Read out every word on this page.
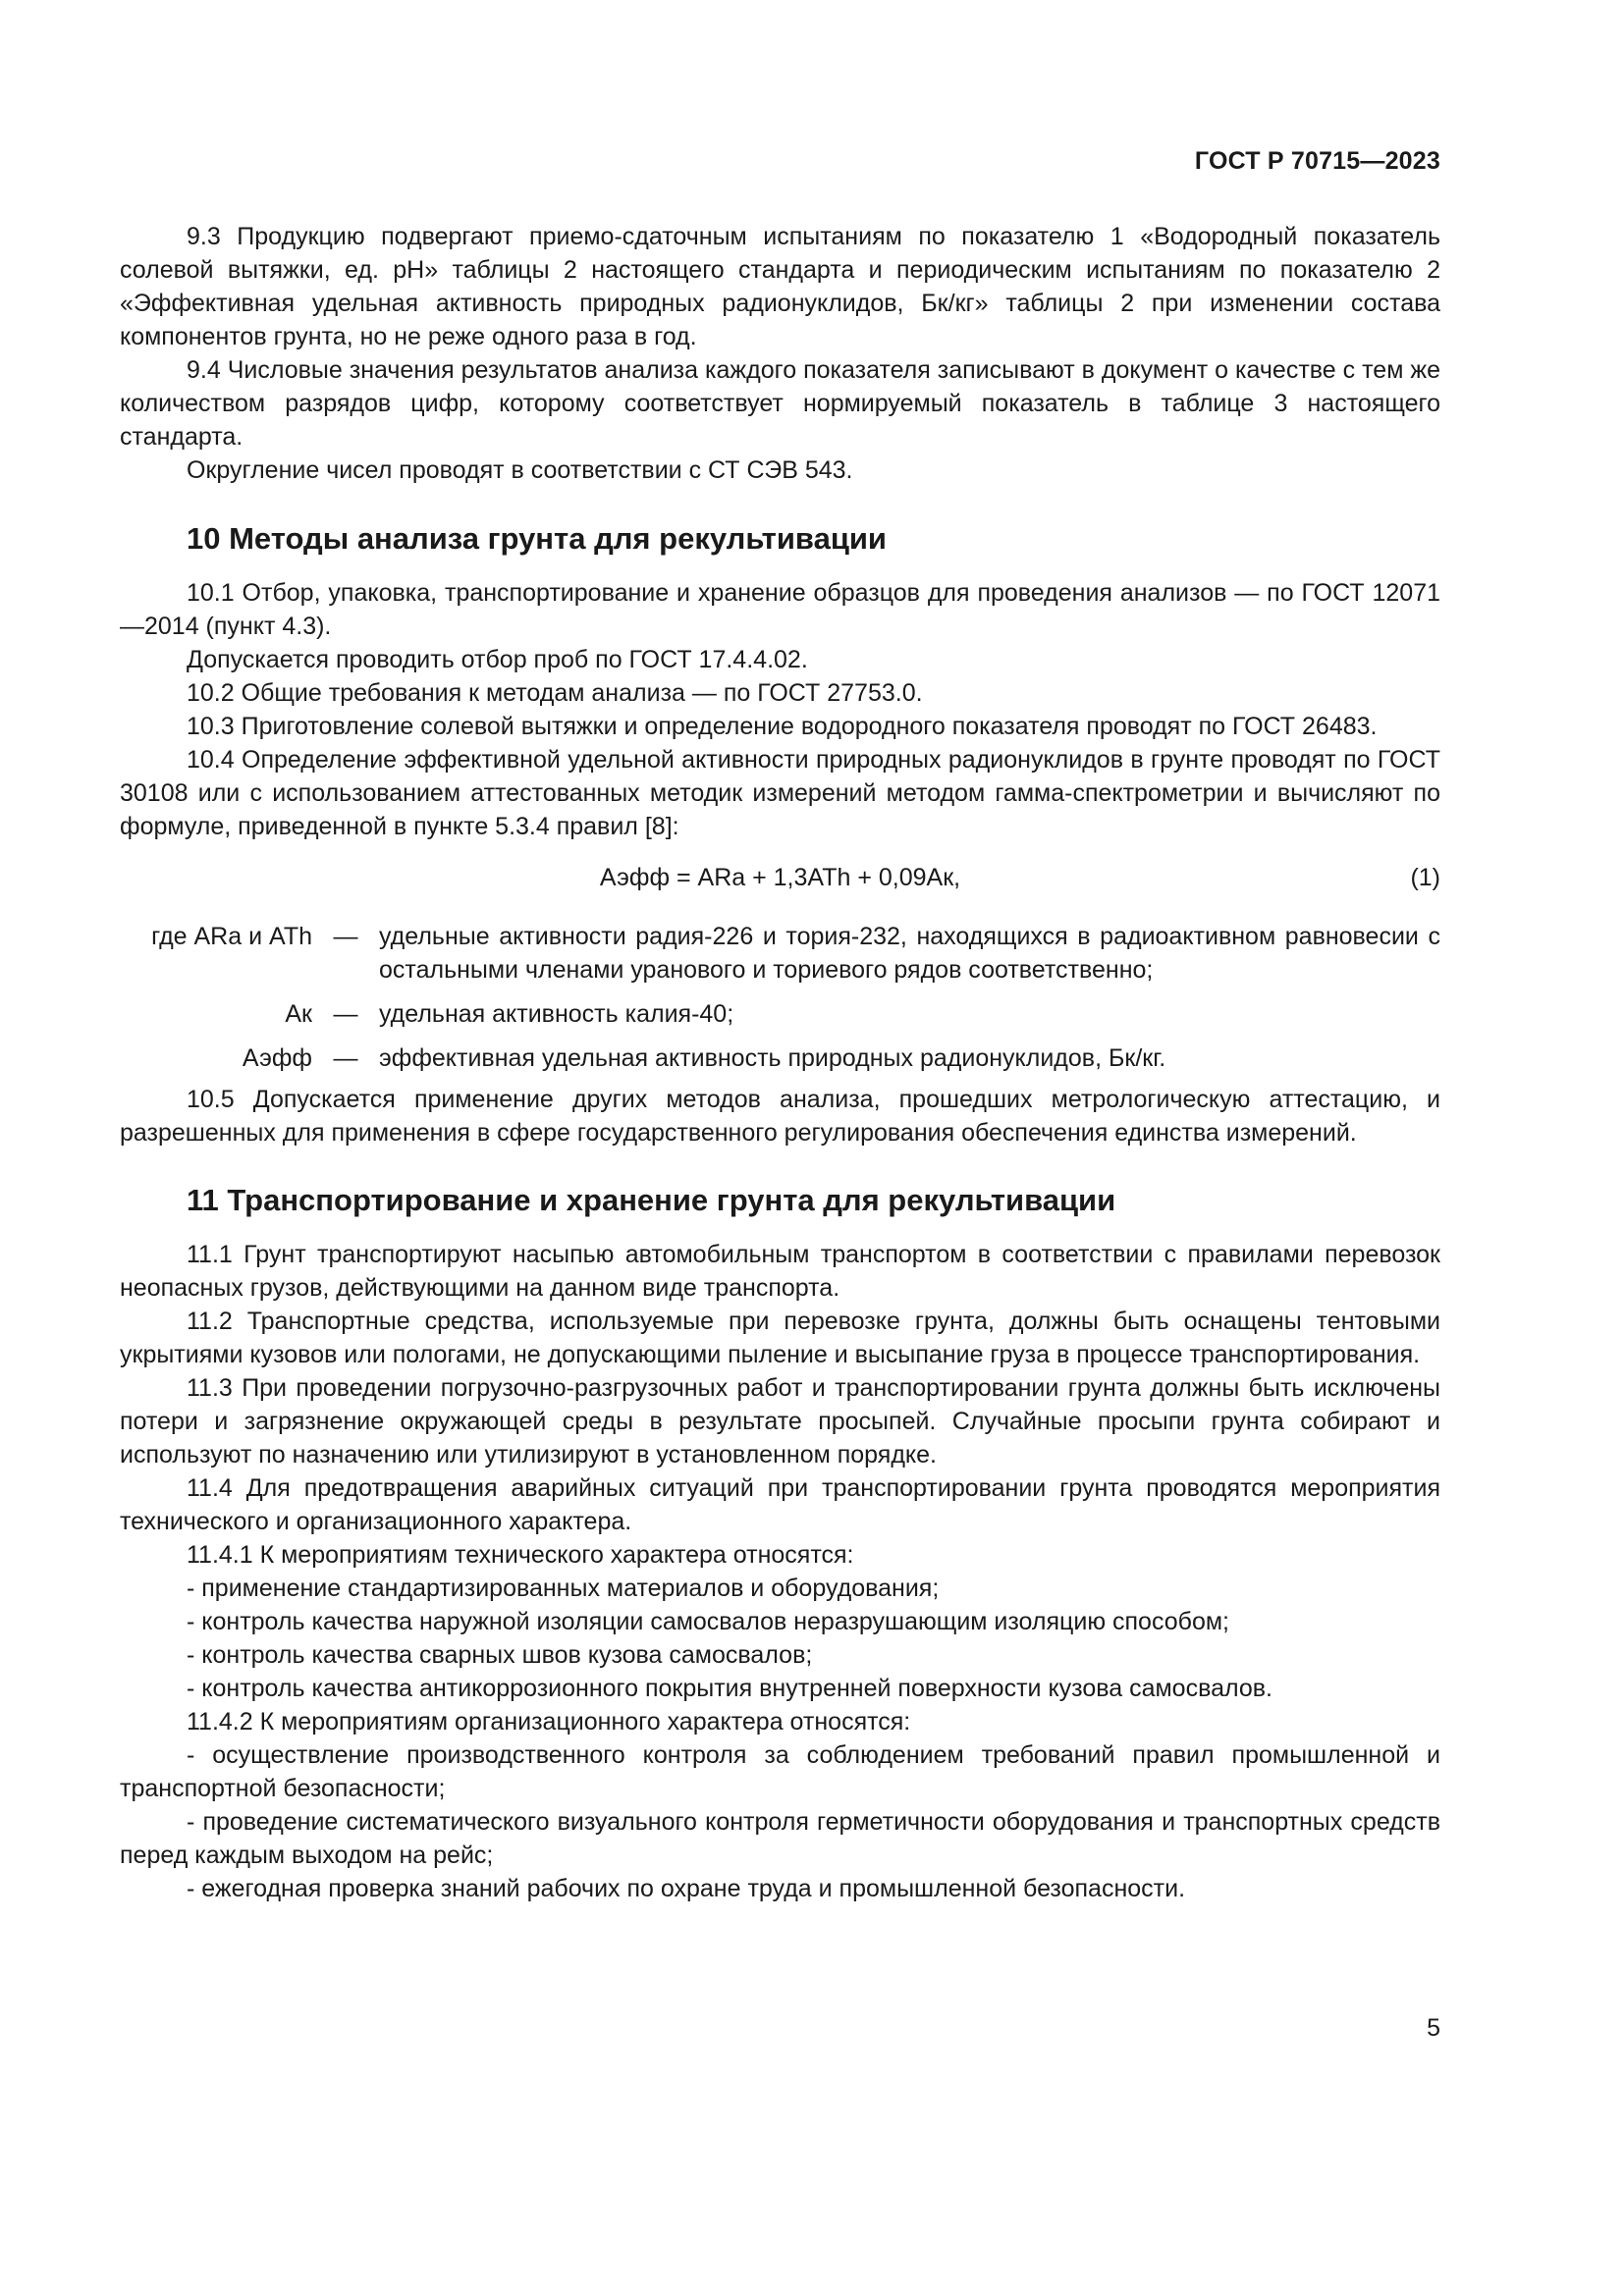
ГОСТ Р 70715—2023

9.3 Продукцию подвергают приемо-сдаточным испытаниям по показателю 1 «Водородный показатель солевой вытяжки, ед. pH» таблицы 2 настоящего стандарта и периодическим испытаниям по показателю 2 «Эффективная удельная активность природных радионуклидов, Бк/кг» таблицы 2 при изменении состава компонентов грунта, но не реже одного раза в год.

9.4 Числовые значения результатов анализа каждого показателя записывают в документ о качестве с тем же количеством разрядов цифр, которому соответствует нормируемый показатель в таблице 3 настоящего стандарта.

Округление чисел проводят в соответствии с СТ СЭВ 543.

10 Методы анализа грунта для рекультивации

10.1 Отбор, упаковка, транспортирование и хранение образцов для проведения анализов — по ГОСТ 12071—2014 (пункт 4.3).

Допускается проводить отбор проб по ГОСТ 17.4.4.02.

10.2 Общие требования к методам анализа — по ГОСТ 27753.0.

10.3 Приготовление солевой вытяжки и определение водородного показателя проводят по ГОСТ 26483.

10.4 Определение эффективной удельной активности природных радионуклидов в грунте проводят по ГОСТ 30108 или с использованием аттестованных методик измерений методом гамма-спектрометрии и вычисляют по формуле, приведенной в пункте 5.3.4 правил [8]:

Аэфф = АRa + 1,3ATh + 0,09Ак,	(1)
где ARa и ATh	—	удельные активности радия-226 и тория-232, находящихся в радиоактивном равновесии с остальными членами уранового и ториевого рядов соответственно;
Ак	—	удельная активность калия-40;
Аэфф	—	эффективная удельная активность природных радионуклидов, Бк/кг.

10.5 Допускается применение других методов анализа, прошедших метрологическую аттестацию, и разрешенных для применения в сфере государственного регулирования обеспечения единства измерений.

11 Транспортирование и хранение грунта для рекультивации

11.1 Грунт транспортируют насыпью автомобильным транспортом в соответствии с правилами перевозок неопасных грузов, действующими на данном виде транспорта.

11.2 Транспортные средства, используемые при перевозке грунта, должны быть оснащены тентовыми укрытиями кузовов или пологами, не допускающими пыление и высыпание груза в процессе транспортирования.

11.3 При проведении погрузочно-разгрузочных работ и транспортировании грунта должны быть исключены потери и загрязнение окружающей среды в результате просыпей. Случайные просыпи грунта собирают и используют по назначению или утилизируют в установленном порядке.

11.4 Для предотвращения аварийных ситуаций при транспортировании грунта проводятся мероприятия технического и организационного характера.

11.4.1 К мероприятиям технического характера относятся:

- применение стандартизированных материалов и оборудования;

- контроль качества наружной изоляции самосвалов неразрушающим изоляцию способом;

- контроль качества сварных швов кузова самосвалов;

- контроль качества антикоррозионного покрытия внутренней поверхности кузова самосвалов.

11.4.2 К мероприятиям организационного характера относятся:

- осуществление производственного контроля за соблюдением требований правил промышленной и транспортной безопасности;

- проведение систематического визуального контроля герметичности оборудования и транспортных средств перед каждым выходом на рейс;

- ежегодная проверка знаний рабочих по охране труда и промышленной безопасности.

5
